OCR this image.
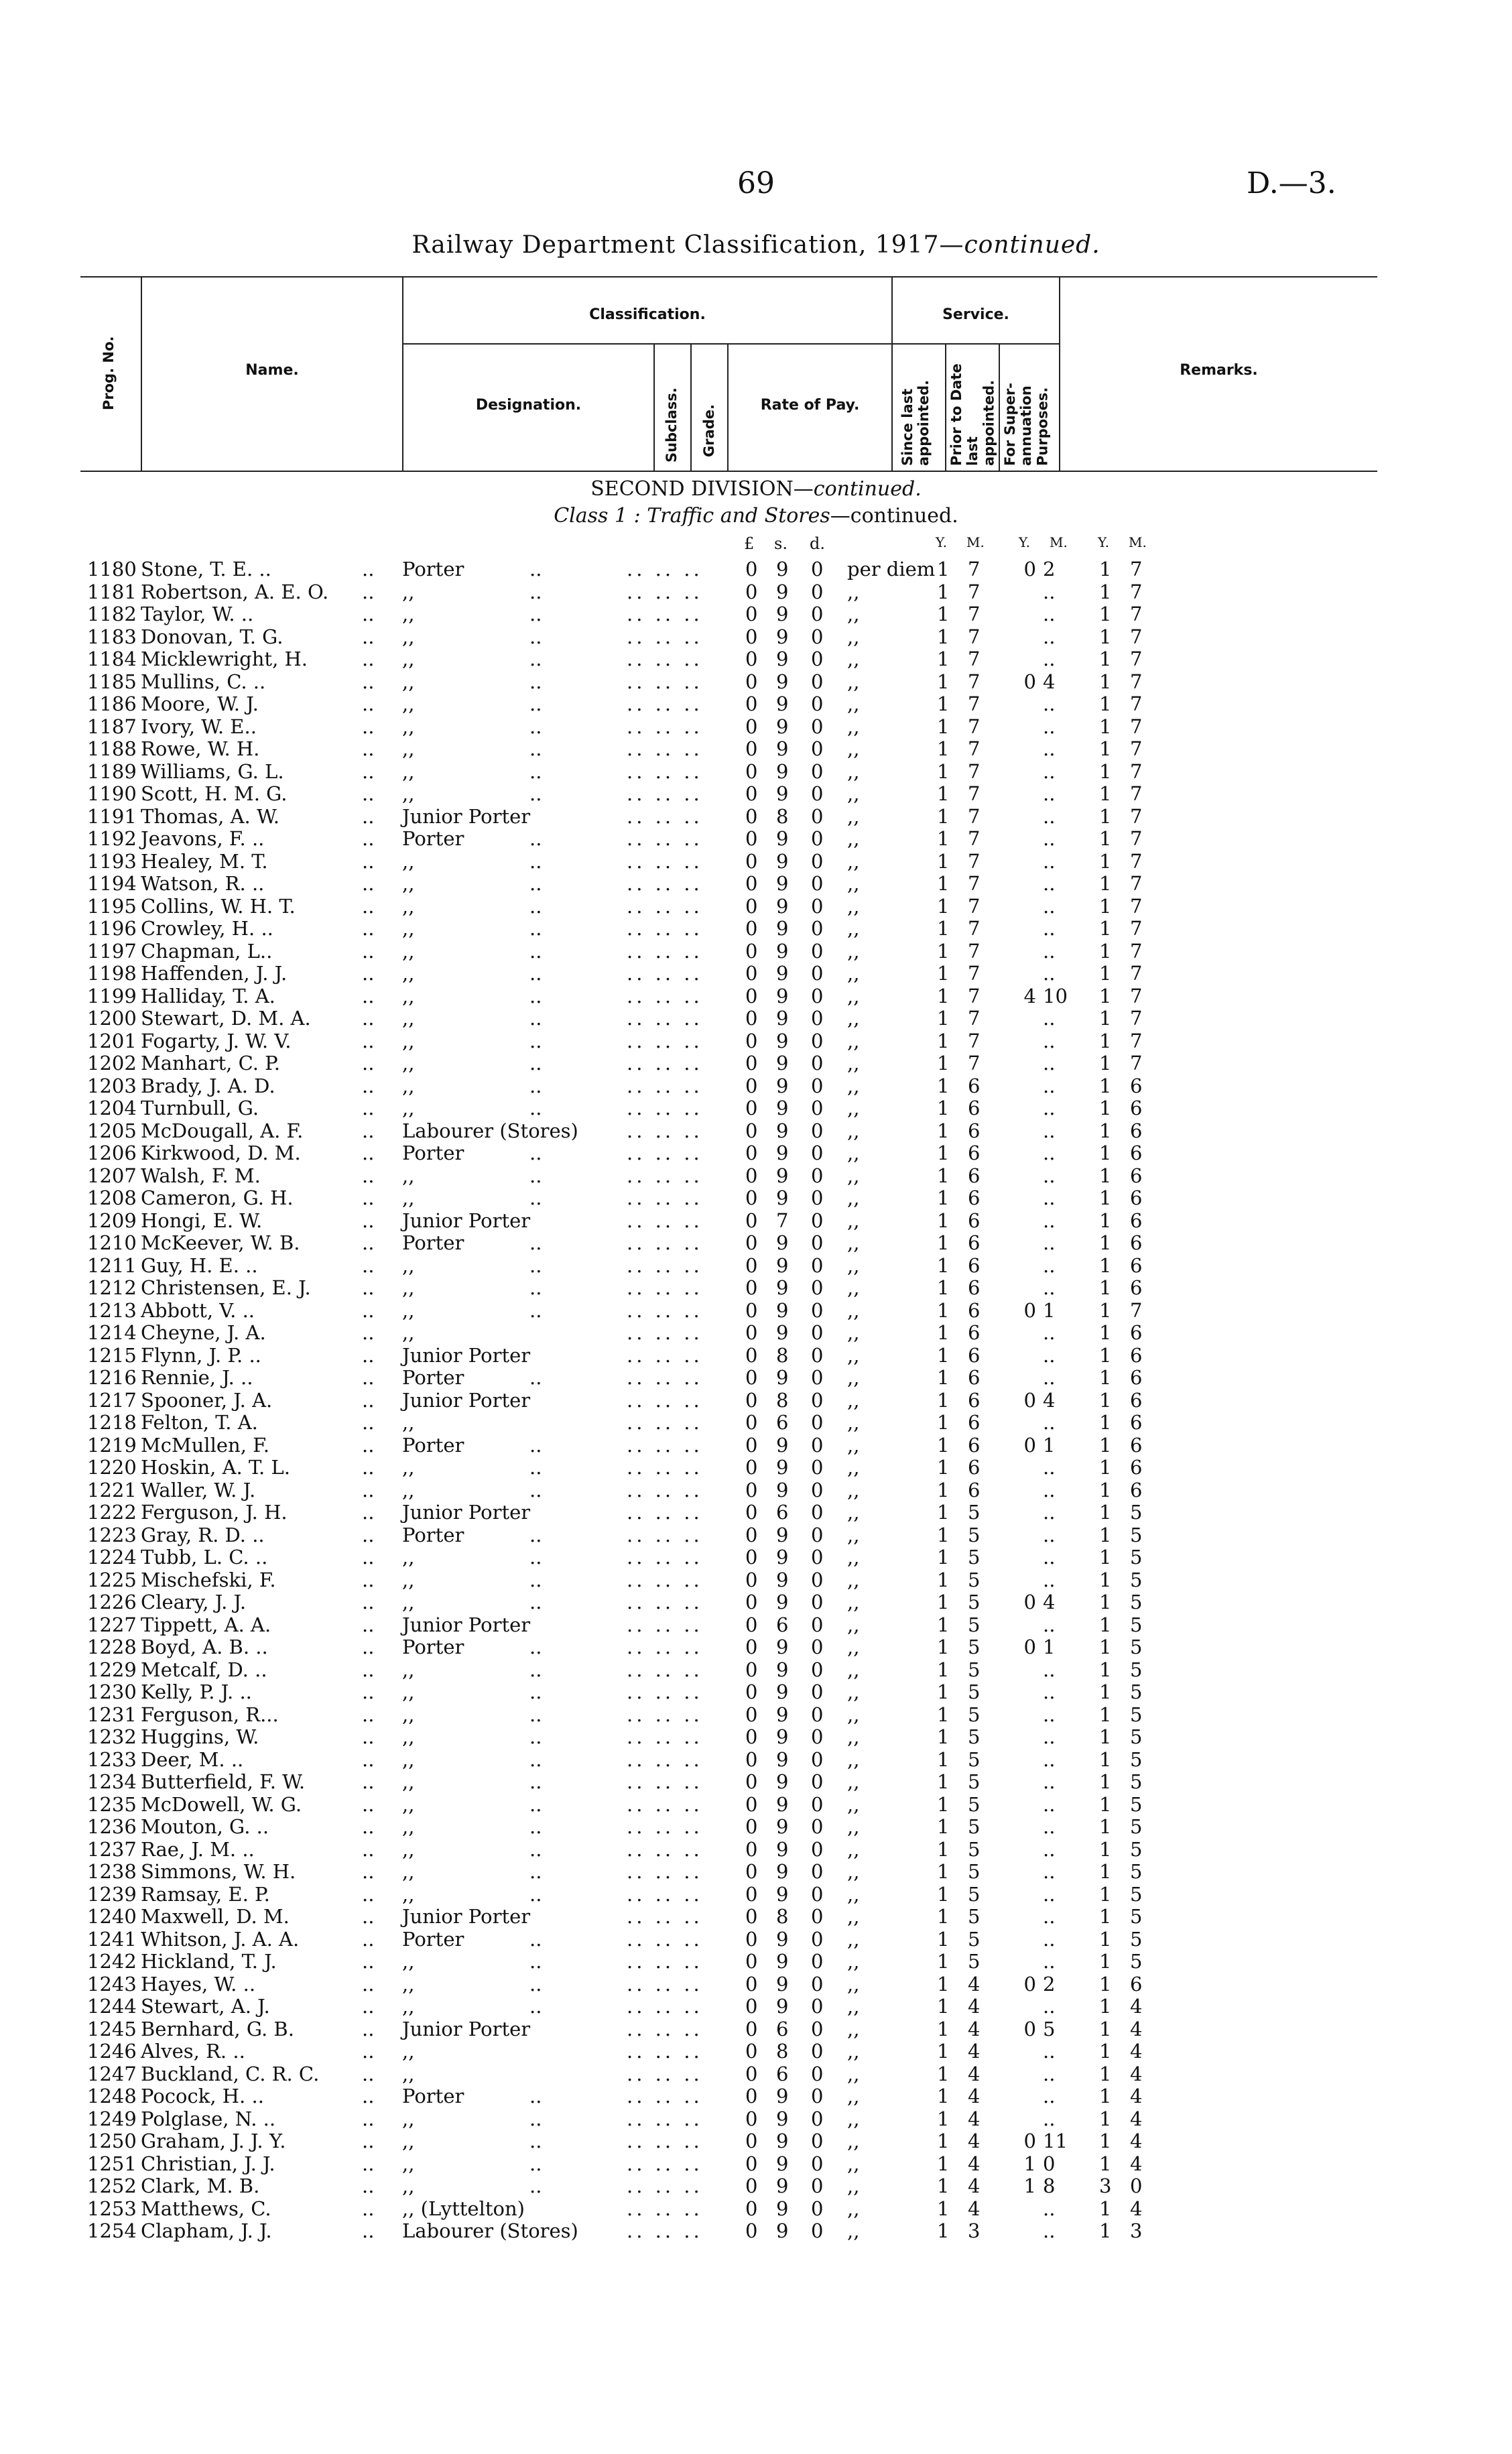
69	D.—3.
Railway Department Classification, 1917—continued.
Prog. No.	Name.
Classification.
Designation.	Subclass. Grade.	Rate of Pay.
Service.
Since last appointed.	Prior to Date last appointed. For Super-annuation Purposes.
Remarks.
SECOND DIVISION—continued.
Class 1 : Traffic and Stores—continued.
£ s. d.	Y. M.	Y. M. Y. M.
1180 Stone, T. E. ..	.. Porter	..	.. .. .. 0 9 0 per diem 1 7	0 2	1 7
1181 Robertson, A. E. O. .. ,,	..	.. .. .. 0 9 0 ,,	1 7	..	1 7
1182 Taylor, W. ..	.. ,,	..	.. .. .. 0 9 0 ,,	1 7	..	1 7
1183 Donovan, T. G.	.. ,,	..	.. .. .. 0 9 0 ,,	1 7	..	1 7
1184 Micklewright, H.	.. ,,	..	.. .. .. 0 9 0 ,,	1 7	..	1 7
1185 Mullins, C. ..	.. ,,	..	.. .. .. 0 9 0 ,,	1 7	0 4	1 7
1186 Moore, W. J.	.. ,,	..	.. .. .. 0 9 0 ,,	1 7	..	1 7
1187 Ivory, W. E..	.. ,,	..	.. .. .. 0 9 0 ,,	1 7	..	1 7
1188 Rowe, W. H.	.. ,,	..	.. .. .. 0 9 0 ,,	1 7	..	1 7
1189 Williams, G. L.	.. ,,	..	.. .. .. 0 9 0 ,,	1 7	..	1 7
1190 Scott, H. M. G.	.. ,,	..	.. .. .. 0 9 0 ,,	1 7	..	1 7
1191 Thomas, A. W.	.. Junior Porter	.. .. .. 0 8 0 ,,	1 7	..	1 7
1192 Jeavons, F. ..	.. Porter	..	.. .. .. 0 9 0 ,,	1 7	..	1 7
1193 Healey, M. T.	.. ,,	..	.. .. .. 0 9 0 ,,	1 7	..	1 7
1194 Watson, R. ..	.. ,,	..	.. .. .. 0 9 0 ,,	1 7	..	1 7
1195 Collins, W. H. T.	.. ,,	..	.. .. .. 0 9 0 ,,	1 7	..	1 7
1196 Crowley, H. ..	.. ,,	..	.. .. .. 0 9 0 ,,	1 7	..	1 7
1197 Chapman, L..	.. ,,	..	.. .. .. 0 9 0 ,,	1 7	..	1 7
1198 Haffenden, J. J.	.. ,,	..	.. .. .. 0 9 0 ,,	1 7	..	1 7
1199 Halliday, T. A.	.. ,,	..	.. .. .. 0 9 0 ,,	1 7	4 10 1 7
1200 Stewart, D. M. A.	.. ,,	..	.. .. .. 0 9 0 ,,	1 7	..	1 7
1201 Fogarty, J. W. V.	.. ,,	..	.. .. .. 0 9 0 ,,	1 7	..	1 7
1202 Manhart, C. P.	.. ,,	..	.. .. .. 0 9 0 ,,	1 7	..	1 7
1203 Brady, J. A. D.	.. ,,	..	.. .. .. 0 9 0 ,,	1 6	..	1 6
1204 Turnbull, G.	.. ,,	..	.. .. .. 0 9 0 ,,	1 6	..	1 6
1205 McDougall, A. F.	.. Labourer (Stores) .. .. .. 0 9 0 ,,	1 6	..	1 6
1206 Kirkwood, D. M.	.. Porter	..	.. .. .. 0 9 0 ,,	1 6	..	1 6
1207 Walsh, F. M.	.. ,,	..	.. .. .. 0 9 0 ,,	1 6	..	1 6
1208 Cameron, G. H.	.. ,,	..	.. .. .. 0 9 0 ,,	1 6	..	1 6
1209 Hongi, E. W.	.. Junior Porter	.. .. .. 0 7 0 ,,	1 6	..	1 6
1210 McKeever, W. B.	.. Porter	..	.. .. .. 0 9 0 ,,	1 6	..	1 6
1211 Guy, H. E. ..	.. ,,	..	.. .. .. 0 9 0 ,,	1 6	..	1 6
1212 Christensen, E. J.	.. ,,	..	.. .. .. 0 9 0 ,,	1 6	..	1 6
1213 Abbott, V. ..	.. ,,	..	.. .. .. 0 9 0 ,,	1 6	0 1	1 7
1214 Cheyne, J. A.	.. ,,	.. .. .. 0 9 0 ,,	1 6	..	1 6
1215 Flynn, J. P. ..	.. Junior Porter	.. .. .. 0 8 0 ,,	1 6	..	1 6
1216 Rennie, J. ..	.. Porter	..	.. .. .. 0 9 0 ,,	1 6	..	1 6
1217 Spooner, J. A.	.. Junior Porter	.. .. .. 0 8 0 ,,	1 6	0 4	1 6
1218 Felton, T. A.	.. ,,	.. .. .. 0 6 0 ,,	1 6	..	1 6
1219 McMullen, F.	.. Porter	..	.. .. .. 0 9 0 ,,	1 6	0 1	1 6
1220 Hoskin, A. T. L.	.. ,,	..	.. .. .. 0 9 0 ,,	1 6	..	1 6
1221 Waller, W. J.	.. ,,	..	.. .. .. 0 9 0 ,,	1 6	..	1 6
1222 Ferguson, J. H.	.. Junior Porter	.. .. .. 0 6 0 ,,	1 5	..	1 5
1223 Gray, R. D. ..	.. Porter	..	.. .. .. 0 9 0 ,,	1 5	..	1 5
1224 Tubb, L. C. ..	.. ,,	..	.. .. .. 0 9 0 ,,	1 5	..	1 5
1225 Mischefski, F.	.. ,,	..	.. .. .. 0 9 0 ,,	1 5	..	1 5
1226 Cleary, J. J.	.. ,,	..	.. .. .. 0 9 0 ,,	1 5	0 4	1 5
1227 Tippett, A. A.	.. Junior Porter	.. .. .. 0 6 0 ,,	1 5	..	1 5
1228 Boyd, A. B. ..	.. Porter	..	.. .. .. 0 9 0 ,,	1 5	0 1	1 5
1229 Metcalf, D. ..	.. ,,	..	.. .. .. 0 9 0 ,,	1 5	..	1 5
1230 Kelly, P. J. ..	.. ,,	..	.. .. .. 0 9 0 ,,	1 5	..	1 5
1231 Ferguson, R...	.. ,,	..	.. .. .. 0 9 0 ,,	1 5	..	1 5
1232 Huggins, W.	.. ,,	..	.. .. .. 0 9 0 ,,	1 5	..	1 5
1233 Deer, M. ..	.. ,,	..	.. .. .. 0 9 0 ,,	1 5	..	1 5
1234 Butterfield, F. W.	.. ,,	..	.. .. .. 0 9 0 ,,	1 5	..	1 5
1235 McDowell, W. G.	.. ,,	..	.. .. .. 0 9 0 ,,	1 5	..	1 5
1236 Mouton, G. ..	.. ,,	..	.. .. .. 0 9 0 ,,	1 5	..	1 5
1237 Rae, J. M. ..	.. ,,	..	.. .. .. 0 9 0 ,,	1 5	..	1 5
1238 Simmons, W. H.	.. ,,	..	.. .. .. 0 9 0 ,,	1 5	..	1 5
1239 Ramsay, E. P.	.. ,,	..	.. .. .. 0 9 0 ,,	1 5	..	1 5
1240 Maxwell, D. M.	.. Junior Porter	.. .. .. 0 8 0 ,,	1 5	..	1 5
1241 Whitson, J. A. A.	.. Porter	..	.. .. .. 0 9 0 ,,	1 5	..	1 5
1242 Hickland, T. J.	.. ,,	..	.. .. .. 0 9 0 ,,	1 5	..	1 5
1243 Hayes, W. ..	.. ,,	..	.. .. .. 0 9 0 ,,	1 4	0 2	1 6
1244 Stewart, A. J.	.. ,,	..	.. .. .. 0 9 0 ,,	1 4	..	1 4
1245 Bernhard, G. B.	.. Junior Porter	.. .. .. 0 6 0 ,,	1 4	0 5	1 4
1246 Alves, R. ..	.. ,,	.. .. .. 0 8 0 ,,	1 4	..	1 4
1247 Buckland, C. R. C. .. ,,	.. .. .. 0 6 0 ,,	1 4	..	1 4
1248 Pocock, H. ..	.. Porter	..	.. .. .. 0 9 0 ,,	1 4	..	1 4
1249 Polglase, N. ..	.. ,,	..	.. .. .. 0 9 0 ,,	1 4	..	1 4
1250 Graham, J. J. Y.	.. ,,	..	.. .. .. 0 9 0 ,,	1 4	0 11 1 4
1251 Christian, J. J.	.. ,,	..	.. .. .. 0 9 0 ,,	1 4	1 0	1 4
1252 Clark, M. B.	.. ,,	..	.. .. .. 0 9 0 ,,	1 4	1 8	3 0
1253 Matthews, C.	.. ,, (Lyttelton)	.. .. .. 0 9 0 ,,	1 4	..	1 4
1254 Clapham, J. J.	.. Labourer (Stores) .. .. .. 0 9 0 ,,	1 3	..	1 3
